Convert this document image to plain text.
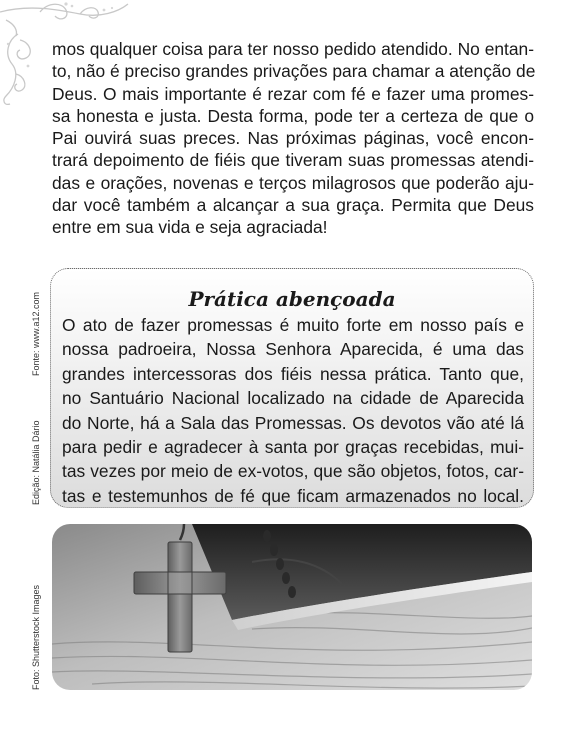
mos qualquer coisa para ter nosso pedido atendido. No entan-
to, não é preciso grandes privações para chamar a atenção de
Deus. O mais importante é rezar com fé e fazer uma promes-
sa honesta e justa. Desta forma, pode ter a certeza de que o
Pai ouvirá suas preces. Nas próximas páginas, você encon-
trará depoimento de fiéis que tiveram suas promessas atendi-
das e orações, novenas e terços milagrosos que poderão aju-
dar você também a alcançar a sua graça. Permita que Deus
entre em sua vida e seja agraciada!
Fonte: www.a12.com
Edição: Natália Dário
Foto: Shutterstock Images
Prática abençoada
O ato de fazer promessas é muito forte em nosso país e
nossa padroeira, Nossa Senhora Aparecida, é uma das
grandes intercessoras dos fiéis nessa prática. Tanto que,
no Santuário Nacional localizado na cidade de Aparecida
do Norte, há a Sala das Promessas. Os devotos vão até lá
para pedir e agradecer à santa por graças recebidas, mui-
tas vezes por meio de ex-votos, que são objetos, fotos, car-
tas e testemunhos de fé que ficam armazenados no local.
